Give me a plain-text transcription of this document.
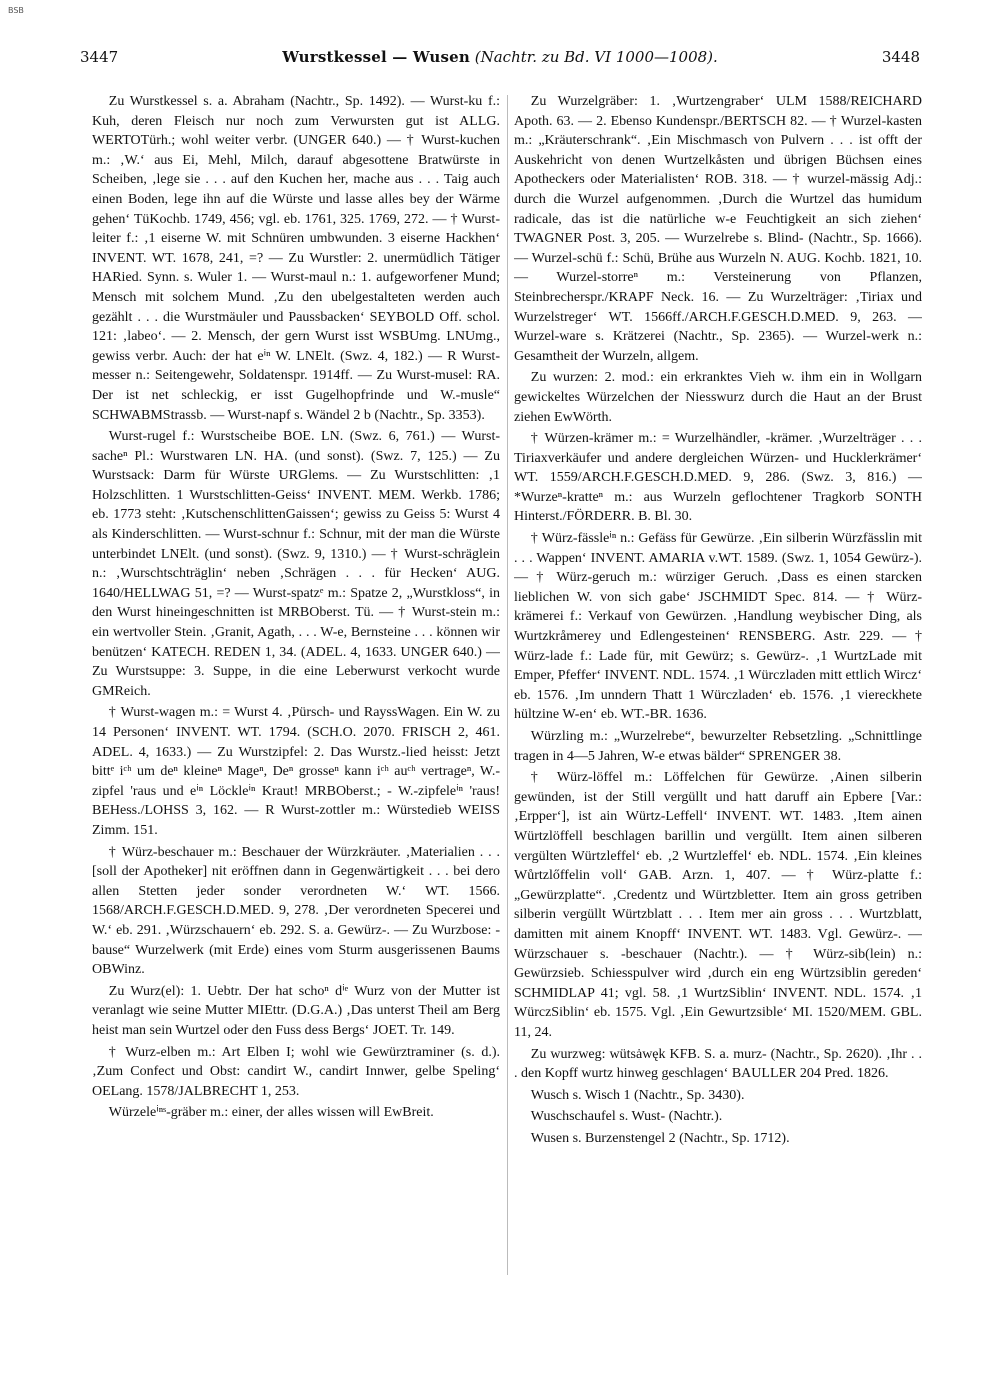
BSB
3447	Wurstkessel — Wusen (Nachtr. zu Bd. VI 1000—1008).	3448

Zu Wurstkessel s. a. Abraham (Nachtr., Sp. 1492). — Wurst-ku f.: Kuh, deren Fleisch nur noch zum Verwursten gut ist ALLG. WERTOTürh.; wohl weiter verbr. (UNGER 640.) — † Wurst-kuchen m.: ‚W.‘ aus Ei, Mehl, Milch, darauf abgesottene Bratwürste in Scheiben, ‚lege sie . . . auf den Kuchen her, mache aus . . . Taig auch einen Boden, lege ihn auf die Würste und lasse alles bey der Wärme gehen‘ TüKochb. 1749, 456; vgl. eb. 1761, 325. 1769, 272. — † Wurst-leiter f.: ‚1 eiserne W. mit Schnüren umbwunden. 3 eiserne Hackhen‘ INVENT. WT. 1678, 241, =? — Zu Wurstler: 2. unermüdlich Tätiger HARied. Synn. s. Wuler 1. — Wurst-maul n.: 1. aufgeworfener Mund; Mensch mit solchem Mund. ‚Zu den ubelgestalteten werden auch gezählt . . . die Wurstmäuler und Paussbacken‘ SEYBOLD Off. schol. 121: ‚labeo‘. — 2. Mensch, der gern Wurst isst WSBUmg. LNUmg., gewiss verbr. Auch: der hat eⁱⁿ W. LNElt. (Swz. 4, 182.) — R Wurst-messer n.: Seitengewehr, Soldatenspr. 1914ff. — Zu Wurst-musel: RA. Der ist net schleckig, er isst Gugelhopfrinde und W.-musle“ SCHWABMStrassb. — Wurst-napf s. Wändel 2 b (Nachtr., Sp. 3353).

Wurst-rugel f.: Wurstscheibe BOE. LN. (Swz. 6, 761.) — Wurst-sacheⁿ Pl.: Wurstwaren LN. HA. (und sonst). (Swz. 7, 125.) — Zu Wurstsack: Darm für Würste URGlems. — Zu Wurstschlitten: ‚1 Holzschlitten. 1 Wurstschlitten-Geiss‘ INVENT. MEM. Werkb. 1786; eb. 1773 steht: ‚KutschenschlittenGaissen‘; gewiss zu Geiss 5: Wurst 4 als Kinderschlitten. — Wurst-schnur f.: Schnur, mit der man die Würste unterbindet LNElt. (und sonst). (Swz. 9, 1310.) — † Wurst-schräglein n.: ‚Wurschtschträglin‘ neben ‚Schrägen . . . für Hecken‘ AUG. 1640/HELLWAG 51, =? — Wurst-spatzᵉ m.: Spatze 2, „Wurstkloss“, in den Wurst hineingeschnitten ist MRBOberst. Tü. — † Wurst-stein m.: ein wertvoller Stein. ‚Granit, Agath, . . . W-e, Bernsteine . . . können wir benützen‘ KATECH. REDEN 1, 34. (ADEL. 4, 1633. UNGER 640.) — Zu Wurstsuppe: 3. Suppe, in die eine Leberwurst verkocht wurde GMReich.

† Wurst-wagen m.: = Wurst 4. ‚Pürsch- und RayssWagen. Ein W. zu 14 Personen‘ INVENT. WT. 1794. (SCH.O. 2070. FRISCH 2, 461. ADEL. 4, 1633.) — Zu Wurstzipfel: 2. Das Wurstz.-lied heisst: Jetzt bittᵉ iᶜʰ um deⁿ kleineⁿ Mageⁿ, Deⁿ grosseⁿ kann iᶜʰ auᶜʰ vertrageⁿ, W.-zipfel 'raus und eⁱⁿ Löckleⁱⁿ Kraut! MRBOberst.; - W.-zipfeleⁱⁿ 'raus! BEHess./LOHSS 3, 162. — R Wurst-zottler m.: Würstedieb WEISS Zimm. 151.

† Würz-beschauer m.: Beschauer der Würzkräuter. ‚Materialien . . . [soll der Apotheker] nit eröffnen dann in Gegenwärtigkeit . . . bei dero allen Stetten jeder sonder verordneten W.‘ WT. 1566. 1568/ARCH.F.GESCH.D.MED. 9, 278. ‚Der verordneten Specerei und W.‘ eb. 291. ‚Würzschauern‘ eb. 292. S. a. Gewürz-. — Zu Wurzbose: -bause“ Wurzelwerk (mit Erde) eines vom Sturm ausgerissenen Baums OBWinz.

Zu Wurz(el): 1. Uebtr. Der hat schoⁿ dⁱᵉ Wurz von der Mutter ist veranlagt wie seine Mutter MIEttr. (D.G.A.) ‚Das unterst Theil am Berg heist man sein Wurtzel oder den Fuss dess Bergs‘ JOET. Tr. 149.

† Wurz-elben m.: Art Elben I; wohl wie Gewürztraminer (s. d.). ‚Zum Confect und Obst: candirt W., candirt Innwer, gelbe Speling‘ OELang. 1578/JALBRECHT 1, 253.

Würzeleⁱⁿˢ-gräber m.: einer, der alles wissen will EwBreit.

Zu Wurzelgräber: 1. ‚Wurtzengraber‘ ULM 1588/REICHARD Apoth. 63. — 2. Ebenso Kundenspr./BERTSCH 82. — † Wurzel-kasten m.: „Kräuterschrank“. ‚Ein Mischmasch von Pulvern . . . ist offt der Auskehricht von denen Wurtzelkåsten und übrigen Büchsen eines Apotheckers oder Materialisten‘ ROB. 318. — † wurzel-mässig Adj.: durch die Wurzel aufgenommen. ‚Durch die Wurtzel das humidum radicale, das ist die natürliche w-e Feuchtigkeit an sich ziehen‘ TWAGNER Post. 3, 205. — Wurzelrebe s. Blind- (Nachtr., Sp. 1666). — Wurzel-schü f.: Schü, Brühe aus Wurzeln N. AUG. Kochb. 1821, 10. — Wurzel-storreⁿ m.: Versteinerung von Pflanzen, Steinbrecherspr./KRAPF Neck. 16. — Zu Wurzelträger: ‚Tiriax und Wurzelstreger‘ WT. 1566ff./ARCH.F.GESCH.D.MED. 9, 263. — Wurzel-ware s. Krätzerei (Nachtr., Sp. 2365). — Wurzel-werk n.: Gesamtheit der Wurzeln, allgem.

Zu wurzen: 2. mod.: ein erkranktes Vieh w. ihm ein in Wollgarn gewickeltes Würzelchen der Niesswurz durch die Haut an der Brust ziehen EwWörth.

† Würzen-krämer m.: = Wurzelhändler, -krämer. ‚Wurzelträger . . . Tiriaxverkäufer und andere dergleichen Würzen- und Hucklerkrämer‘ WT. 1559/ARCH.F.GESCH.D.MED. 9, 286. (Swz. 3, 816.) — *Wurzeⁿ-kratteⁿ m.: aus Wurzeln geflochtener Tragkorb SONTH Hinterst./FÖRDERR. B. Bl. 30.

† Würz-fässleⁱⁿ n.: Gefäss für Gewürze. ‚Ein silberin Würzfässlin mit . . . Wappen‘ INVENT. AMARIA v.WT. 1589. (Swz. 1, 1054 Gewürz-). — † Würz-geruch m.: würziger Geruch. ‚Dass es einen starcken lieblichen W. von sich gabe‘ JSCHMIDT Spec. 814. — † Würz-krämerei f.: Verkauf von Gewürzen. ‚Handlung weybischer Ding, als Wurtzkråmerey und Edlengesteinen‘ RENSBERG. Astr. 229. — † Würz-lade f.: Lade für, mit Gewürz; s. Gewürz-. ‚1 WurtzLade mit Emper, Pfeffer‘ INVENT. NDL. 1574. ‚1 Würczladen mitt ettlich Wircz‘ eb. 1576. ‚Im unndern Thatt 1 Würczladen‘ eb. 1576. ‚1 viereckhete hültzine W-en‘ eb. WT.-BR. 1636.

Würzling m.: „Wurzelrebe“, bewurzelter Rebsetzling. „Schnittlinge tragen in 4—5 Jahren, W-e etwas bälder“ SPRENGER 38.

† Würz-löffel m.: Löffelchen für Gewürze. ‚Ainen silberin gewünden, ist der Still vergüllt und hatt daruff ain Epbere [Var.: ‚Erpper‘], ist ain Würtz-Leffell‘ INVENT. WT. 1483. ‚Item ainen Würtzlöffell beschlagen barillin und vergüllt. Item ainen silberen vergülten Würtzleffel‘ eb. ‚2 Wurtzleffel‘ eb. NDL. 1574. ‚Ein kleines Wůrtzlőffelin voll‘ GAB. Arzn. 1, 407. — † Würz-platte f.: „Gewürzplatte“. ‚Credentz und Würtzbletter. Item ain gross getriben silberin vergüllt Würtzblatt . . . Item mer ain gross . . . Wurtzblatt, damitten mit ainem Knopff‘ INVENT. WT. 1483. Vgl. Gewürz-. — Würzschauer s. -beschauer (Nachtr.). — † Würz-sib(lein) n.: Gewürzsieb. Schiesspulver wird ‚durch ein eng Würtzsiblin gereden‘ SCHMIDLAP 41; vgl. 58. ‚1 WurtzSiblin‘ INVENT. NDL. 1574. ‚1 WürczSiblin‘ eb. 1575. Vgl. ‚Ein Gewurtzsible‘ MI. 1520/MEM. GBL. 11, 24.

Zu wurzweg: wütsȧwęk KFB. S. a. murz- (Nachtr., Sp. 2620). ‚Ihr . . . den Kopff wurtz hinweg geschlagen‘ BAULLER 204 Pred. 1826.

Wusch s. Wisch 1 (Nachtr., Sp. 3430).

Wuschschaufel s. Wust- (Nachtr.).

Wusen s. Burzenstengel 2 (Nachtr., Sp. 1712).
